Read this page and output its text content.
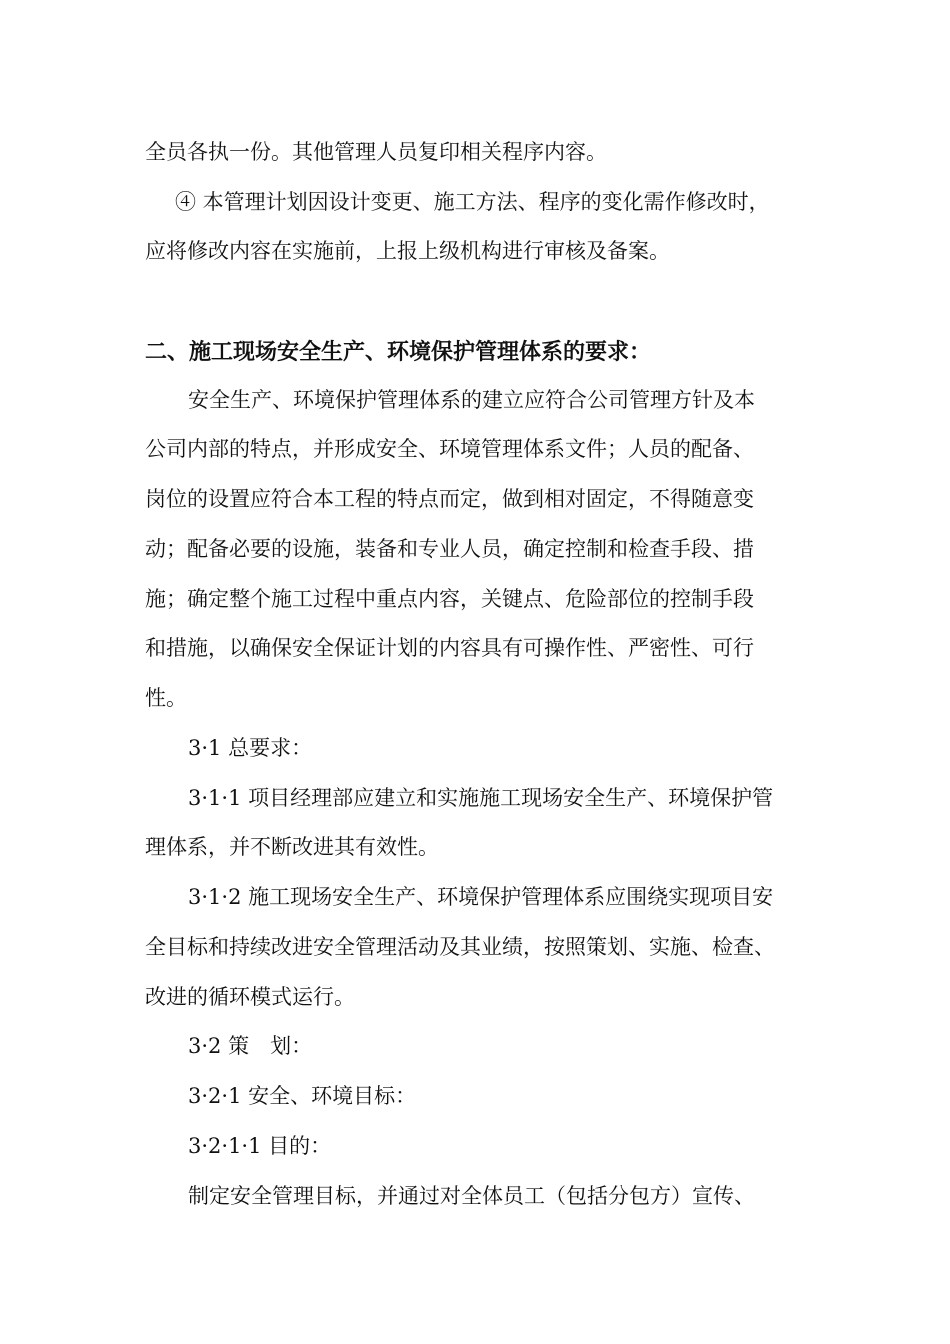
全员各执一份。其他管理人员复印相关程序内容。
④ 本管理计划因设计变更、施工方法、程序的变化需作修改时，
应将修改内容在实施前，上报上级机构进行审核及备案。
二、施工现场安全生产、环境保护管理体系的要求：
安全生产、环境保护管理体系的建立应符合公司管理方针及本
公司内部的特点，并形成安全、环境管理体系文件；人员的配备、
岗位的设置应符合本工程的特点而定，做到相对固定，不得随意变
动；配备必要的设施，装备和专业人员，确定控制和检查手段、措
施；确定整个施工过程中重点内容，关键点、危险部位的控制手段
和措施，以确保安全保证计划的内容具有可操作性、严密性、可行
性。
3·1 总要求：
3·1·1 项目经理部应建立和实施施工现场安全生产、环境保护管
理体系，并不断改进其有效性。
3·1·2 施工现场安全生产、环境保护管理体系应围绕实现项目安
全目标和持续改进安全管理活动及其业绩，按照策划、实施、检查、
改进的循环模式运行。
3·2 策　划：
3·2·1 安全、环境目标：
3·2·1·1 目的：
制定安全管理目标，并通过对全体员工（包括分包方）宣传、
